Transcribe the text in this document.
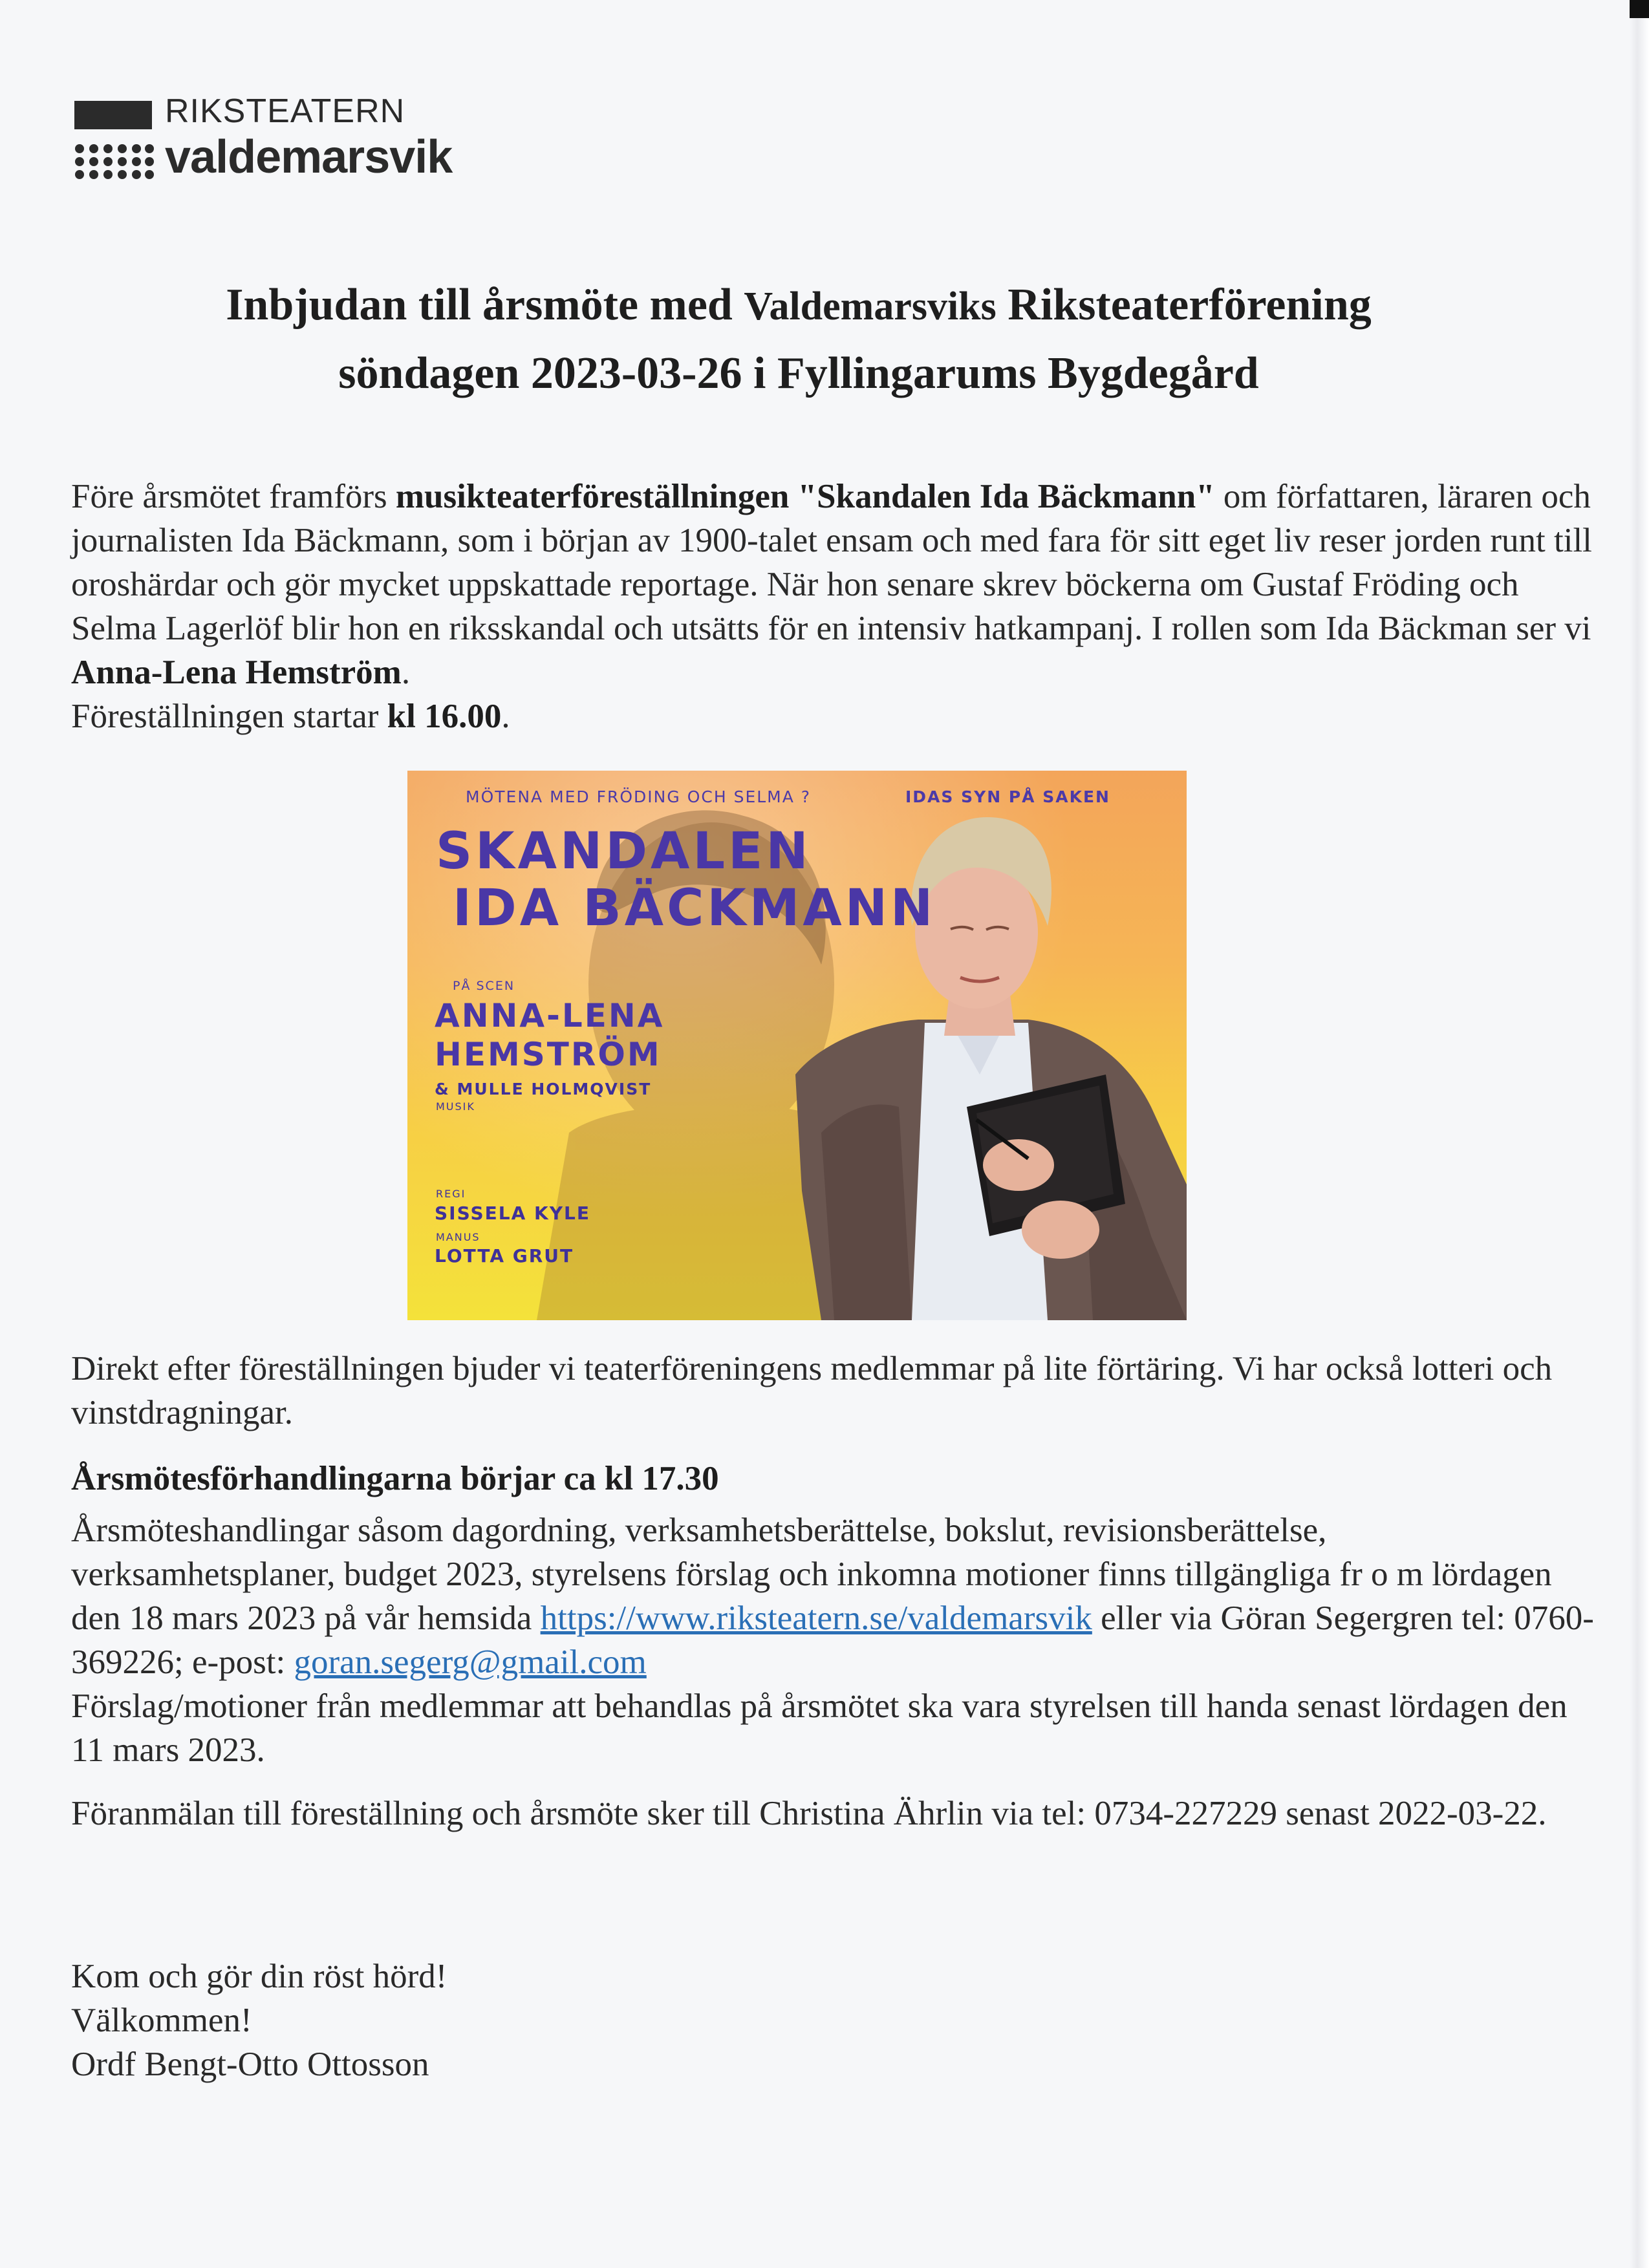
RIKSTEATERN
valdemarsvik
Inbjudan till årsmöte med Valdemarsviks Riksteaterförening
söndagen 2023-03-26 i Fyllingarums Bygdegård
Före årsmötet framförs musikteaterföreställningen "Skandalen Ida Bäckmann" om författaren, läraren och journalisten Ida Bäckmann, som i början av 1900-talet ensam och med fara för sitt eget liv reser jorden runt till oroshärdar och gör mycket uppskattade reportage. När hon senare skrev böckerna om Gustaf Fröding och Selma Lagerlöf blir hon en riksskandal och utsätts för en intensiv hatkampanj. I rollen som Ida Bäckman ser vi Anna-Lena Hemström.
Föreställningen startar kl 16.00.
MÖTENA MED FRÖDING OCH SELMA ?	IDAS SYN PÅ SAKEN
SKANDALEN
IDA BÄCKMANN
PÅ SCEN
ANNA-LENA
HEMSTRÖM
& MULLE HOLMQVIST
MUSIK
REGI
SISSELA KYLE
MANUS
LOTTA GRUT
Direkt efter föreställningen bjuder vi teaterföreningens medlemmar på lite förtäring. Vi har också lotteri och vinstdragningar.
Årsmötesförhandlingarna börjar ca kl 17.30
Årsmöteshandlingar såsom dagordning, verksamhetsberättelse, bokslut, revisionsberättelse, verksamhetsplaner, budget 2023, styrelsens förslag och inkomna motioner finns tillgängliga fr o m lördagen den 18 mars 2023 på vår hemsida https://www.riksteatern.se/valdemarsvik eller via Göran Segergren tel: 0760-369226; e-post: goran.segerg@gmail.com
Förslag/motioner från medlemmar att behandlas på årsmötet ska vara styrelsen till handa senast lördagen den 11 mars 2023.
Föranmälan till föreställning och årsmöte sker till Christina Ährlin via tel: 0734-227229 senast 2022-03-22.
Kom och gör din röst hörd!
Välkommen!
Ordf Bengt-Otto Ottosson
